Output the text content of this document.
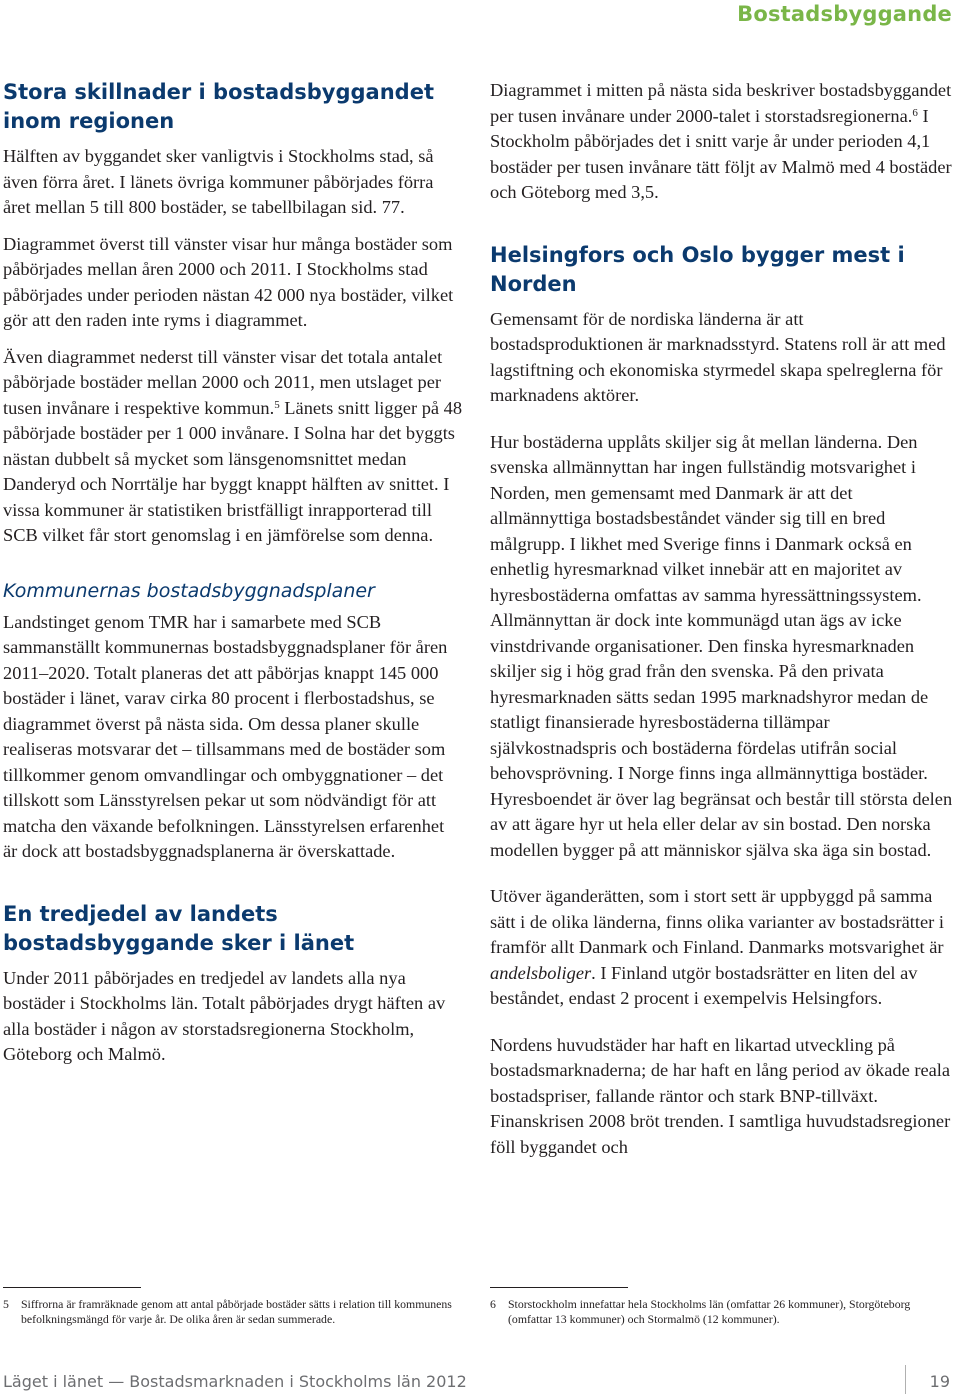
Bostadsbyggande
Stora skillnader i bostadsbyggandet inom regionen

Hälften av byggandet sker vanligtvis i Stockholms stad, så även förra året. I länets övriga kommuner påbörjades förra året mellan 5 till 800 bostäder, se tabellbilagan sid. 77.

Diagrammet överst till vänster visar hur många bostäder som påbörjades mellan åren 2000 och 2011. I Stockholms stad påbörjades under perioden nästan 42 000 nya bostäder, vilket gör att den raden inte ryms i diagrammet.

Även diagrammet nederst till vänster visar det totala antalet påbörjade bostäder mellan 2000 och 2011, men utslaget per tusen invånare i respektive kommun.$^5$ Länets snitt ligger på 48 påbörjade bostäder per 1 000 invånare. I Solna har det byggts nästan dubbelt så mycket som länsgenomsnittet medan Danderyd och Norrtälje har byggt knappt hälften av snittet. I vissa kommuner är statistiken bristfälligt inrapporterad till SCB vilket får stort genomslag i en jämförelse som denna.

Kommunernas bostadsbyggnadsplaner

Landstinget genom TMR har i samarbete med SCB sammanställt kommunernas bostadsbyggnadsplaner för åren 2011–2020. Totalt planeras det att påbörjas knappt 145 000 bostäder i länet, varav cirka 80 procent i flerbostadshus, se diagrammet överst på nästa sida. Om dessa planer skulle realiseras motsvarar det – tillsammans med de bostäder som tillkommer genom omvandlingar och ombyggnationer – det tillskott som Länsstyrelsen pekar ut som nödvändigt för att matcha den växande befolkningen. Länsstyrelsen erfarenhet är dock att bostadsbyggnadsplanerna är överskattade.

En tredjedel av landets bostadsbyggande sker i länet

Under 2011 påbörjades en tredjedel av landets alla nya bostäder i Stockholms län. Totalt påbörjades drygt häften av alla bostäder i någon av storstadsregionerna Stockholm, Göteborg och Malmö.

Diagrammet i mitten på nästa sida beskriver bostadsbyggandet per tusen invånare under 2000-talet i storstadsregionerna.$^6$ I Stockholm påbörjades det i snitt varje år under perioden 4,1 bostäder per tusen invånare tätt följt av Malmö med 4 bostäder och Göteborg med 3,5.

Helsingfors och Oslo bygger mest i Norden

Gemensamt för de nordiska länderna är att bostadsproduktionen är marknadsstyrd. Statens roll är att med lagstiftning och ekonomiska styrmedel skapa spelreglerna för marknadens aktörer.

Hur bostäderna upplåts skiljer sig åt mellan länderna. Den svenska allmännyttan har ingen fullständig motsvarighet i Norden, men gemensamt med Danmark är att det allmännyttiga bostadsbeståndet vänder sig till en bred målgrupp. I likhet med Sverige finns i Danmark också en enhetlig hyresmarknad vilket innebär att en majoritet av hyresbostäderna omfattas av samma hyressättningssystem. Allmännyttan är dock inte kommunägd utan ägs av icke vinstdrivande organisationer. Den finska hyresmarknaden skiljer sig i hög grad från den svenska. På den privata hyresmarknaden sätts sedan 1995 marknadshyror medan de statligt finansierade hyresbostäderna tillämpar självkostnadspris och bostäderna fördelas utifrån social behovsprövning. I Norge finns inga allmännyttiga bostäder. Hyresboendet är över lag begränsat och består till största delen av att ägare hyr ut hela eller delar av sin bostad. Den norska modellen bygger på att människor själva ska äga sin bostad.

Utöver äganderätten, som i stort sett är uppbyggd på samma sätt i de olika länderna, finns olika varianter av bostadsrätter i framför allt Danmark och Finland. Danmarks motsvarighet är andelsboliger. I Finland utgör bostadsrätter en liten del av beståndet, endast 2 procent i exempelvis Helsingfors.

Nordens huvudstäder har haft en likartad utveckling på bostadsmarknaderna; de har haft en lång period av ökade reala bostadspriser, fallande räntor och stark BNP-tillväxt. Finanskrisen 2008 bröt trenden. I samtliga huvudstadsregioner föll byggandet och

5	Siffrorna är framräknade genom att antal påbörjade bostäder sätts i relation till kommunens befolkningsmängd för varje år. De olika åren är sedan summerade.
6	Storstockholm innefattar hela Stockholms län (omfattar 26 kommuner), Storgöteborg (omfattar 13 kommuner) och Stormalmö (12 kommuner).
Läget i länet — Bostadsmarknaden i Stockholms län 2012	19
